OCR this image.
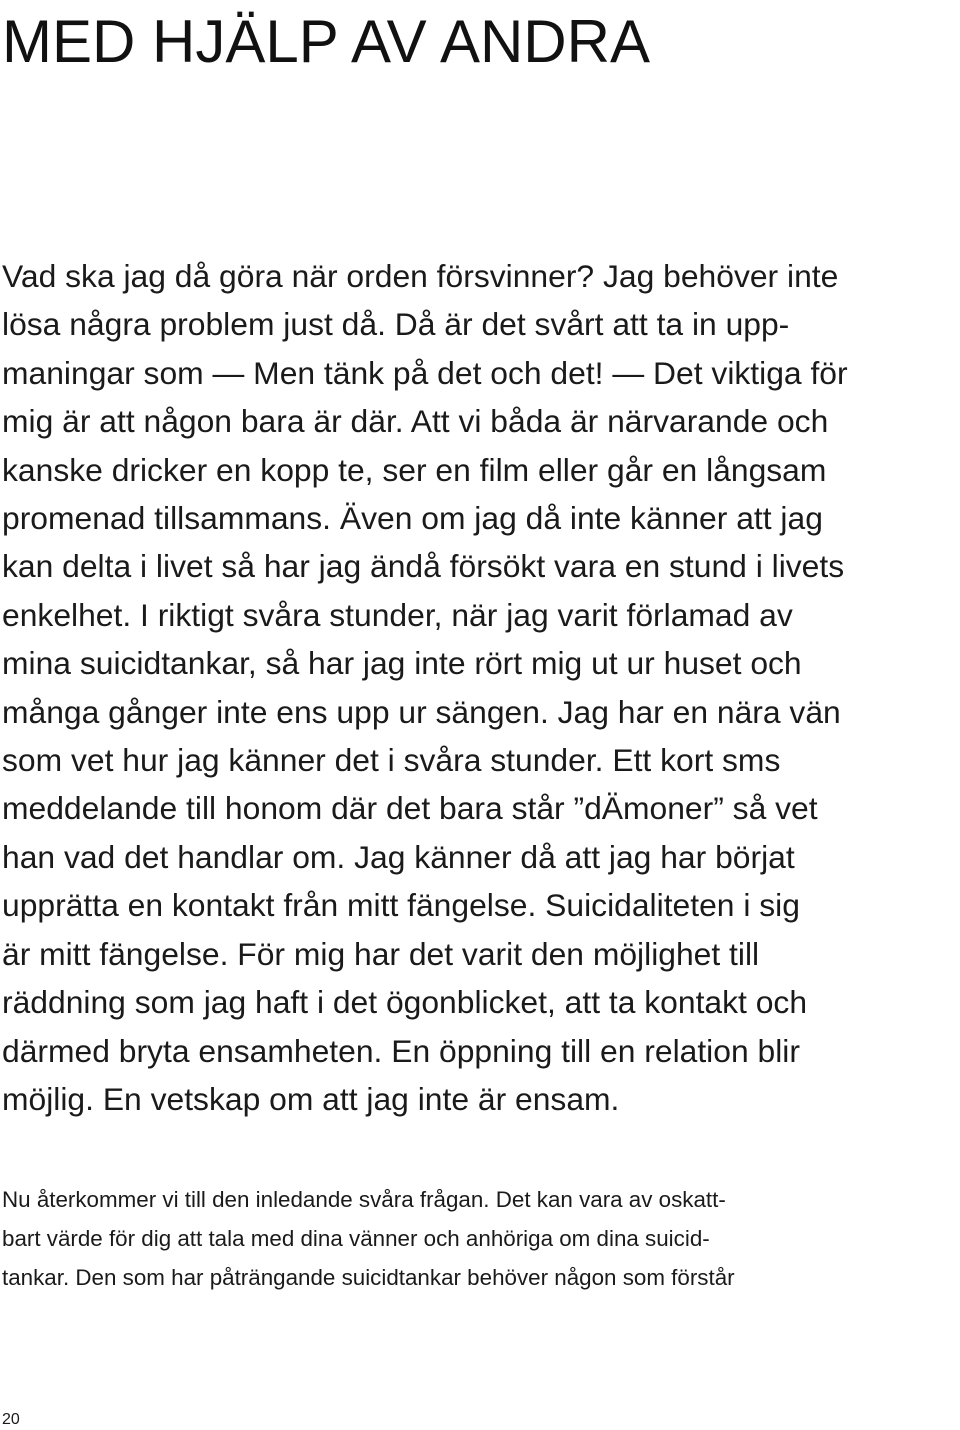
MED HJÄLP AV ANDRA
Vad ska jag då göra när orden försvinner? Jag behöver inte
lösa några problem just då. Då är det svårt att ta in upp-
maningar som — Men tänk på det och det! — Det viktiga för
mig är att någon bara är där. Att vi båda är närvarande och
kanske dricker en kopp te, ser en film eller går en långsam
promenad tillsammans. Även om jag då inte känner att jag
kan delta i livet så har jag ändå försökt vara en stund i livets
enkelhet. I riktigt svåra stunder, när jag varit förlamad av
mina suicidtankar, så har jag inte rört mig ut ur huset och
många gånger inte ens upp ur sängen. Jag har en nära vän
som vet hur jag känner det i svåra stunder. Ett kort sms
meddelande till honom där det bara står ”dÄmoner” så vet
han vad det handlar om. Jag känner då att jag har börjat
upprätta en kontakt från mitt fängelse. Suicidaliteten i sig
är mitt fängelse. För mig har det varit den möjlighet till
räddning som jag haft i det ögonblicket, att ta kontakt och
därmed bryta ensamheten. En öppning till en relation blir
möjlig. En vetskap om att jag inte är ensam.
Nu återkommer vi till den inledande svåra frågan. Det kan vara av oskatt-
bart värde för dig att tala med dina vänner och anhöriga om dina suicid-
tankar. Den som har påträngande suicidtankar behöver någon som förstår
20
